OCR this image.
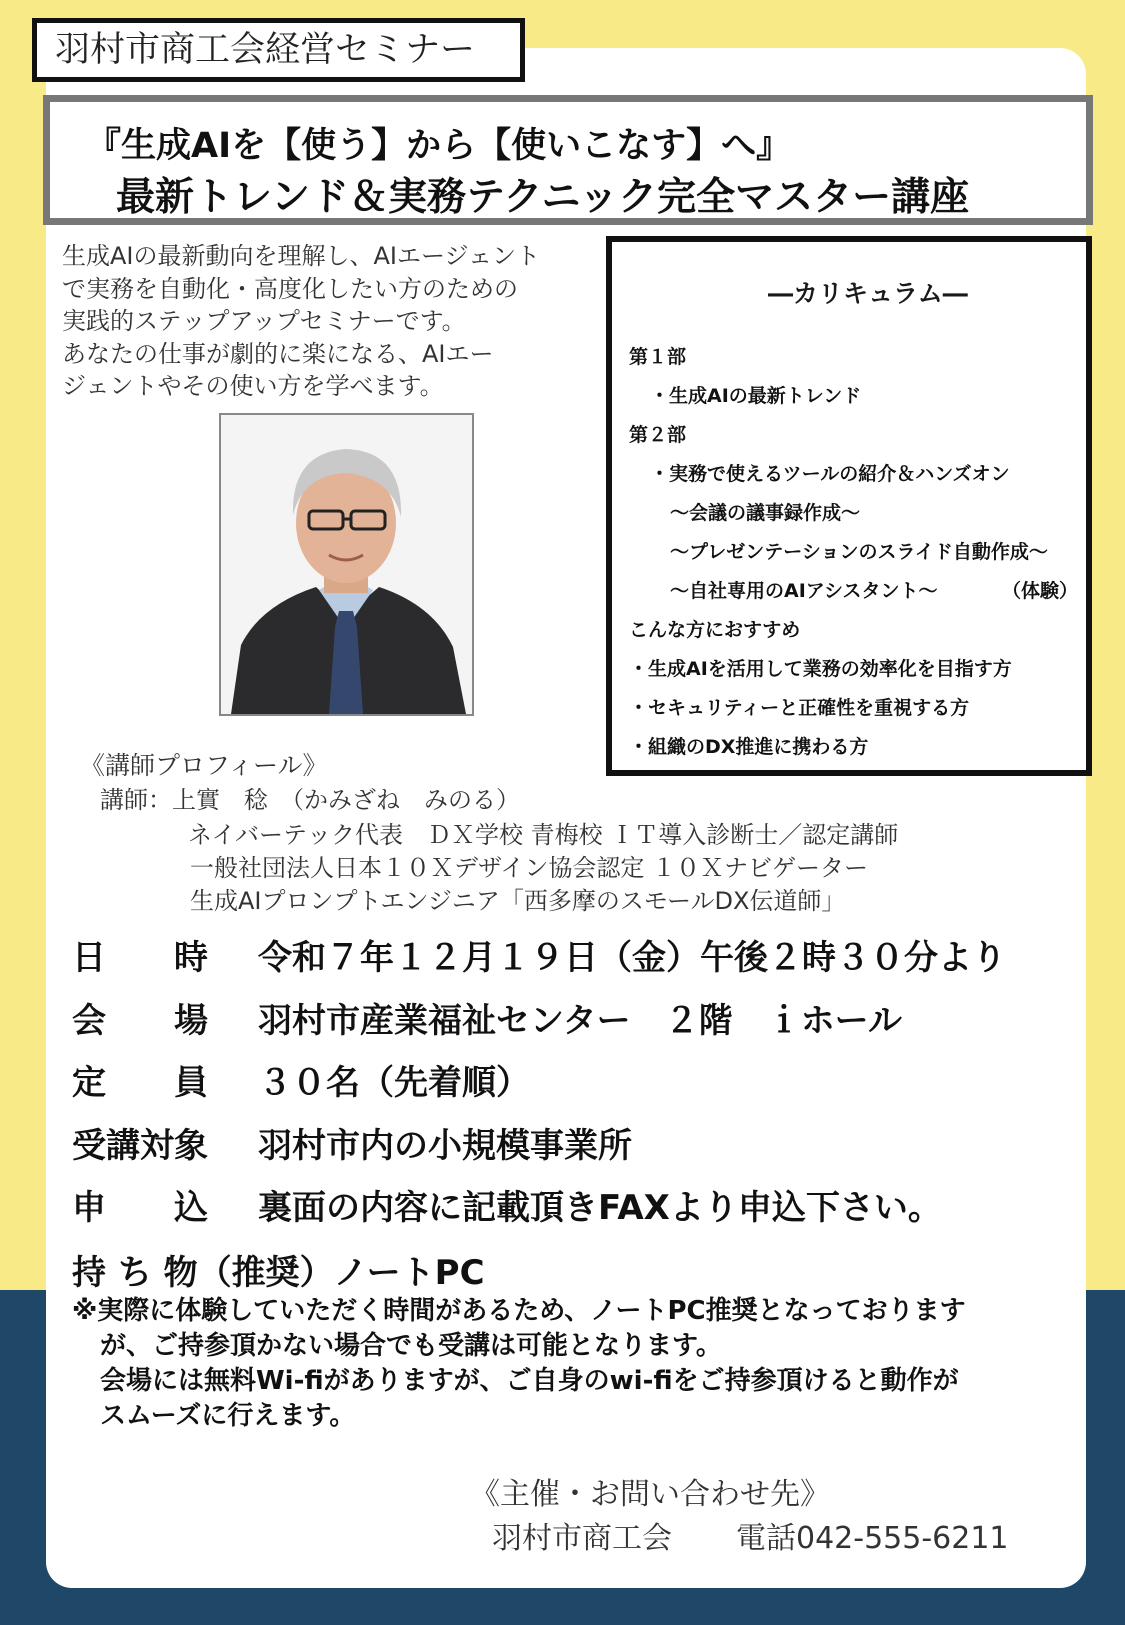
羽村市商工会経営セミナー
『生成AIを【使う】から【使いこなす】へ』
最新トレンド＆実務テクニック完全マスター講座

生成AIの最新動向を理解し、AIエージェント

で実務を自動化・高度化したい方のための

実践的ステップアップセミナーです。

あなたの仕事が劇的に楽になる、AIエー

ジェントやその使い方を学べます。

―カリキュラム―
第１部
・生成AIの最新トレンド
第２部
・実務で使えるツールの紹介＆ハンズオン
～会議の議事録作成～
～プレゼンテーションのスライド自動作成～
～自社専用のAIアシスタント～	（体験）
こんな方におすすめ
・生成AIを活用して業務の効率化を目指す方
・セキュリティーと正確性を重視する方
・組織のDX推進に携わる方
《講師プロフィール》
講師：上實　稔　（かみざね　みのる）
ネイバーテック代表　ＤＸ学校 青梅校 ＩＴ導入診断士／認定講師
一般社団法人日本１０Ｘデザイン協会認定 １０Ｘナビゲーター
生成AIプロンプトエンジニア「西多摩のスモールDX伝道師」
日　　時 令和７年１２月１９日（金）午後２時３０分より
会　　場 羽村市産業福祉センター　２階　ｉホール
定　　員 ３０名（先着順）
受講対象 羽村市内の小規模事業所
申　　込 裏面の内容に記載頂きFAXより申込下さい。
持 ち 物（推奨）ノートPC
※実際に体験していただく時間があるため、ノートPC推奨となっております
が、ご持参頂かない場合でも受講は可能となります。
会場には無料Wi-fiがありますが、ご自身のwi-fiをご持参頂けると動作が
スムーズに行えます。
《主催・お問い合わせ先》
羽村市商工会 電話042-555-6211
